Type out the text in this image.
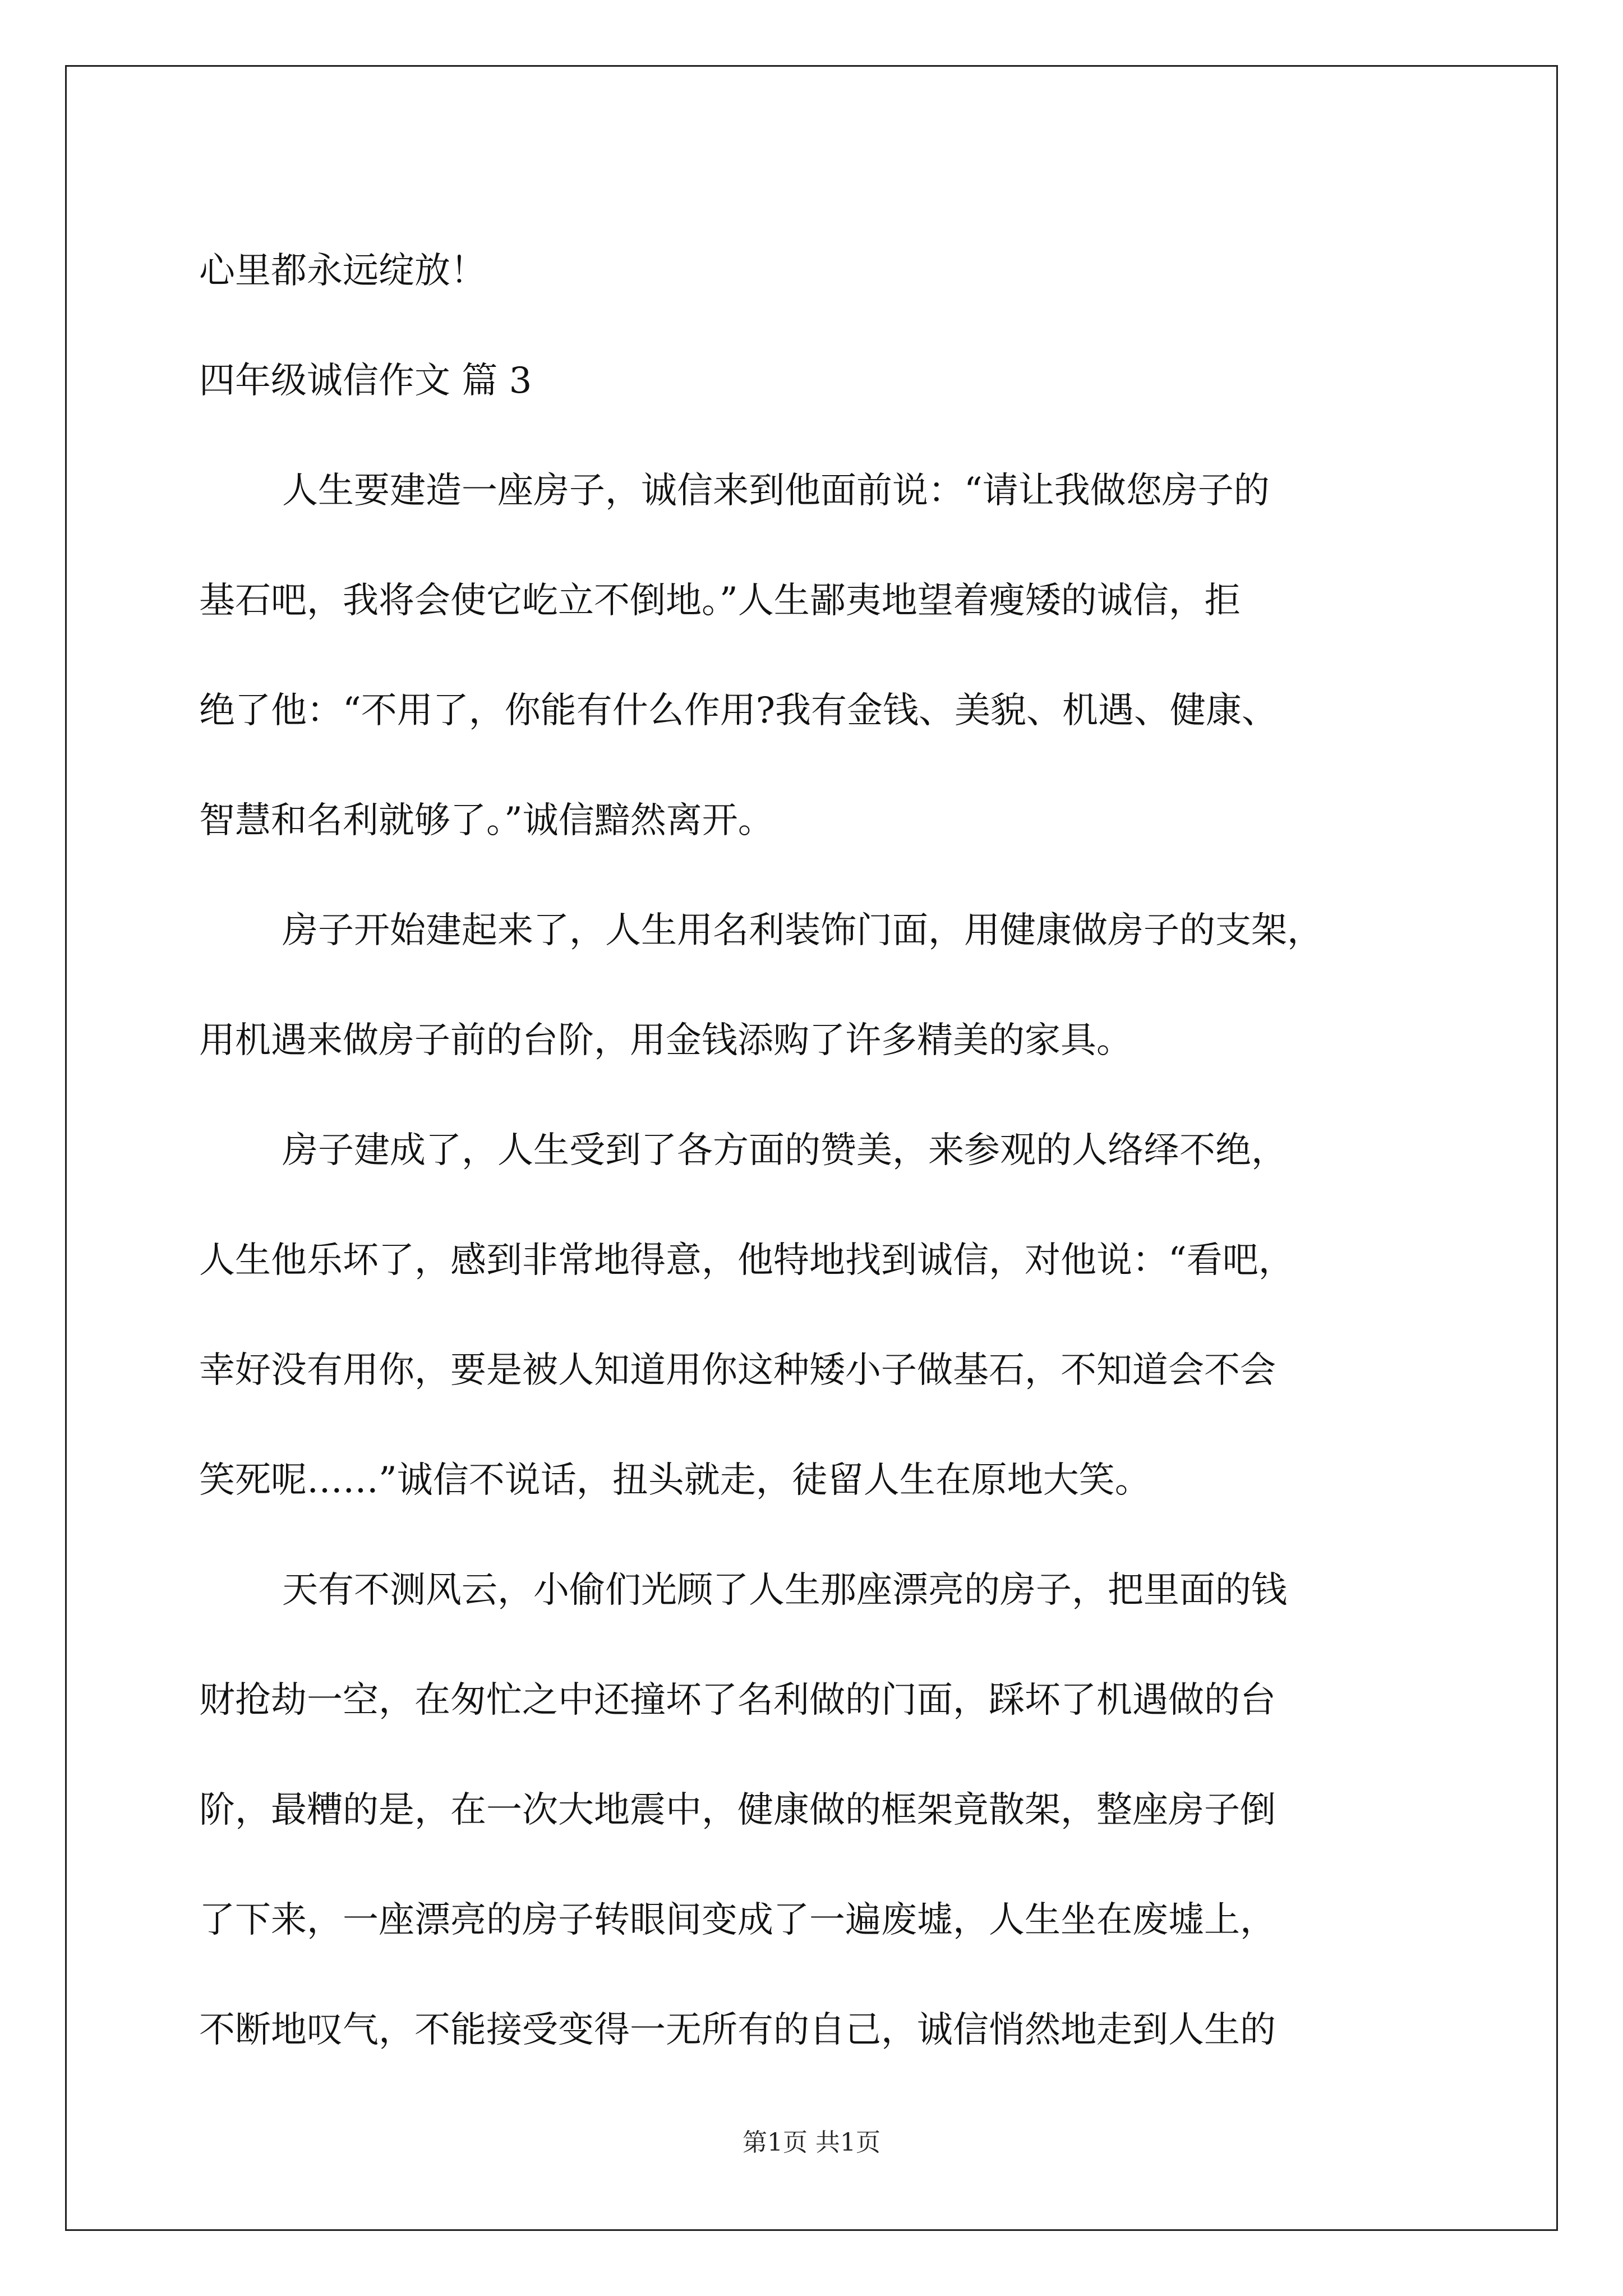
心里都永远绽放！
四年级诚信作文 篇 3
人生要建造一座房子，诚信来到他面前说：“请让我做您房子的
基石吧，我将会使它屹立不倒地。”人生鄙夷地望着瘦矮的诚信，拒
绝了他：“不用了，你能有什么作用?我有金钱、美貌、机遇、健康、
智慧和名利就够了。”诚信黯然离开。
房子开始建起来了，人生用名利装饰门面，用健康做房子的支架，
用机遇来做房子前的台阶，用金钱添购了许多精美的家具。
房子建成了，人生受到了各方面的赞美，来参观的人络绎不绝，
人生他乐坏了，感到非常地得意，他特地找到诚信，对他说：“看吧，
幸好没有用你，要是被人知道用你这种矮小子做基石，不知道会不会
笑死呢……”诚信不说话，扭头就走，徒留人生在原地大笑。
天有不测风云，小偷们光顾了人生那座漂亮的房子，把里面的钱
财抢劫一空，在匆忙之中还撞坏了名利做的门面，踩坏了机遇做的台
阶，最糟的是，在一次大地震中，健康做的框架竟散架，整座房子倒
了下来，一座漂亮的房子转眼间变成了一遍废墟，人生坐在废墟上，
不断地叹气，不能接受变得一无所有的自己，诚信悄然地走到人生的
第1页 共1页
